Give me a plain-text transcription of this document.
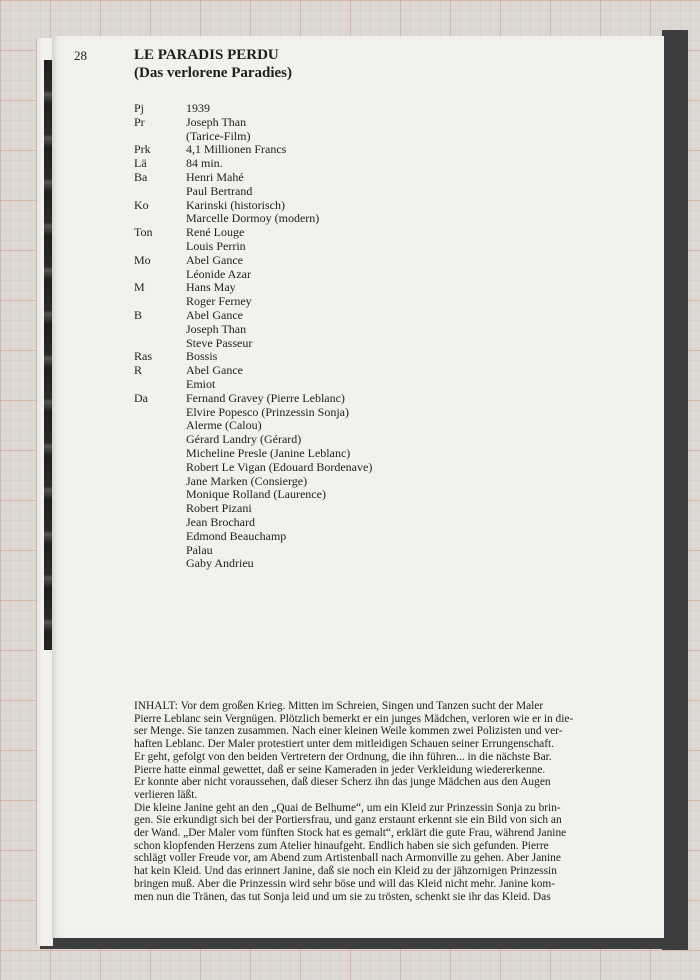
28	LE PARADIS PERDU
(Das verlorene Paradies)
Pj	1939
Pr	Joseph Than
(Tarice-Film)
Prk	4,1 Millionen Francs
Lä	84 min.
Ba	Henri Mahé
Paul Bertrand
Ko	Karinski (historisch)
Marcelle Dormoy (modern)
Ton	René Louge
Louis Perrin
Mo	Abel Gance
Léonide Azar
M	Hans May
Roger Ferney
B	Abel Gance
Joseph Than
Steve Passeur
Ras	Bossis
R	Abel Gance
Emiot
Da	Fernand Gravey (Pierre Leblanc)
Elvire Popesco (Prinzessin Sonja)
Alerme (Calou)
Gérard Landry (Gérard)
Micheline Presle (Janine Leblanc)
Robert Le Vigan (Edouard Bordenave)
Jane Marken (Consierge)
Monique Rolland (Laurence)
Robert Pizani
Jean Brochard
Edmond Beauchamp
Palau
Gaby Andrieu

INHALT: Vor dem großen Krieg. Mitten im Schreien, Singen und Tanzen sucht der Maler
Pierre Leblanc sein Vergnügen. Plötzlich bemerkt er ein junges Mädchen, verloren wie er in die-
ser Menge. Sie tanzen zusammen. Nach einer kleinen Weile kommen zwei Polizisten und ver-
haften Leblanc. Der Maler protestiert unter dem mitleidigen Schauen seiner Errungenschaft.
Er geht, gefolgt von den beiden Vertretern der Ordnung, die ihn führen... in die nächste Bar.
Pierre hatte einmal gewettet, daß er seine Kameraden in jeder Verkleidung wiedererkenne.
Er konnte aber nicht voraussehen, daß dieser Scherz ihn das junge Mädchen aus den Augen
verlieren läßt.
Die kleine Janine geht an den „Quai de Belhume“, um ein Kleid zur Prinzessin Sonja zu brin-
gen. Sie erkundigt sich bei der Portiersfrau, und ganz erstaunt erkennt sie ein Bild von sich an
der Wand. „Der Maler vom fünften Stock hat es gemalt“, erklärt die gute Frau, während Janine
schon klopfenden Herzens zum Atelier hinaufgeht. Endlich haben sie sich gefunden. Pierre
schlägt voller Freude vor, am Abend zum Artistenball nach Armonville zu gehen. Aber Janine
hat kein Kleid. Und das erinnert Janine, daß sie noch ein Kleid zu der jähzornigen Prinzessin
bringen muß. Aber die Prinzessin wird sehr böse und will das Kleid nicht mehr. Janine kom-
men nun die Tränen, das tut Sonja leid und um sie zu trösten, schenkt sie ihr das Kleid. Das
